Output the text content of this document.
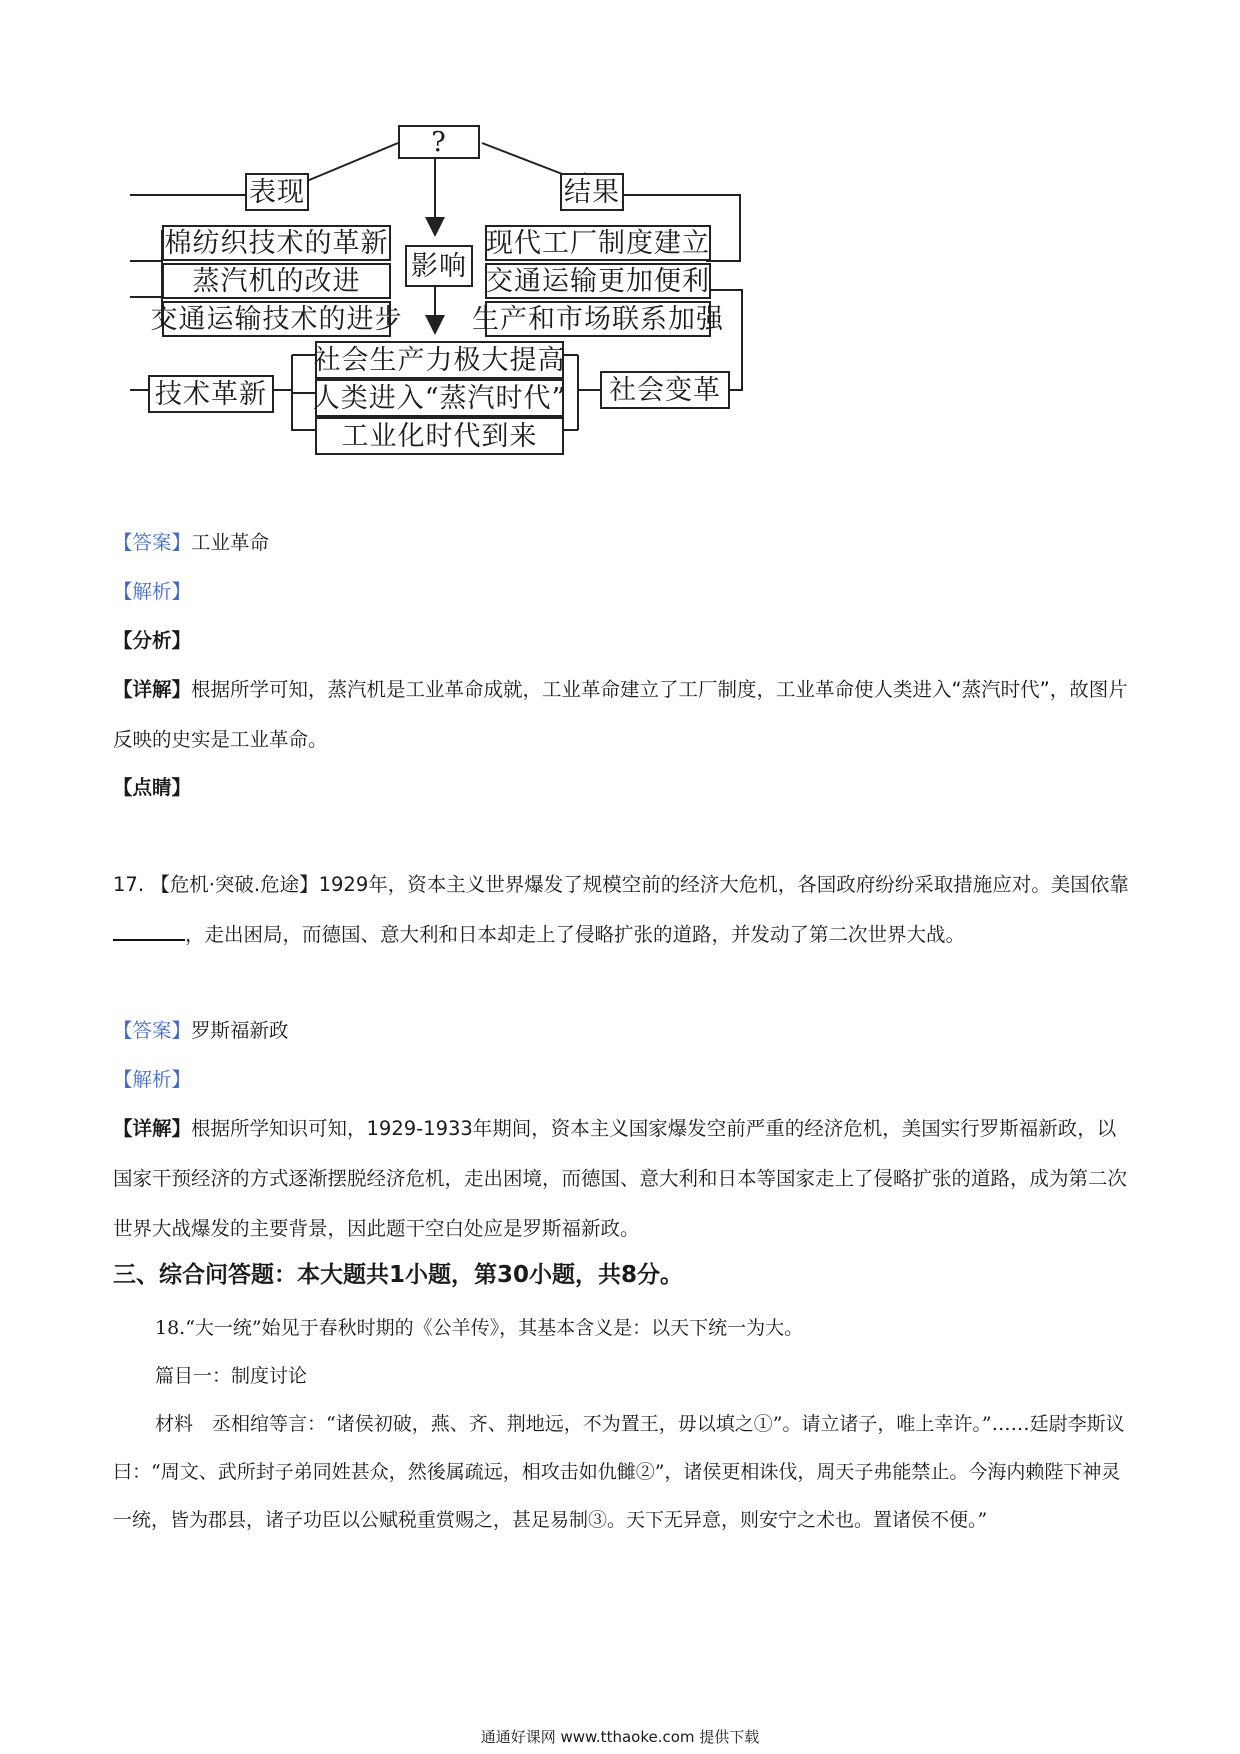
?
表现	结果
影响
棉纺织技术的革新
蒸汽机的改进
交通运输技术的进步
现代工厂制度建立
交通运输更加便利
生产和市场联系加强
技术革新	社会变革
社会生产力极大提高
人类进入“蒸汽时代”
工业化时代到来
【答案】工业革命
【解析】
【分析】
【详解】根据所学可知，蒸汽机是工业革命成就，工业革命建立了工厂制度，工业革命使人类进入“蒸汽时代”，故图片反映的史实是工业革命。
【点睛】
17. 【危机·突破.危途】1929年，资本主义世界爆发了规模空前的经济大危机，各国政府纷纷采取措施应对。美国依靠，走出困局，而德国、意大利和日本却走上了侵略扩张的道路，并发动了第二次世界大战。
【答案】罗斯福新政
【解析】
【详解】根据所学知识可知，1929-1933年期间，资本主义国家爆发空前严重的经济危机，美国实行罗斯福新政，以国家干预经济的方式逐渐摆脱经济危机，走出困境，而德国、意大利和日本等国家走上了侵略扩张的道路，成为第二次世界大战爆发的主要背景，因此题干空白处应是罗斯福新政。
三、综合问答题：本大题共1小题，第30小题，共8分。
18.“大一统”始见于春秋时期的《公羊传》，其基本含义是：以天下统一为大。
篇目一：制度讨论
材料　丞相绾等言：“诸侯初破，燕、齐、荆地远，不为置王，毋以填之①”。请立诸子，唯上幸许。”……廷尉李斯议曰：“周文、武所封子弟同姓甚众，然後属疏远，相攻击如仇雠②”，诸侯更相诛伐，周天子弗能禁止。今海内赖陛下神灵一统，皆为郡县，诸子功臣以公赋税重赏赐之，甚足易制③。天下无异意，则安宁之术也。置诸侯不便。”
通通好课网 www.tthaoke.com 提供下载
